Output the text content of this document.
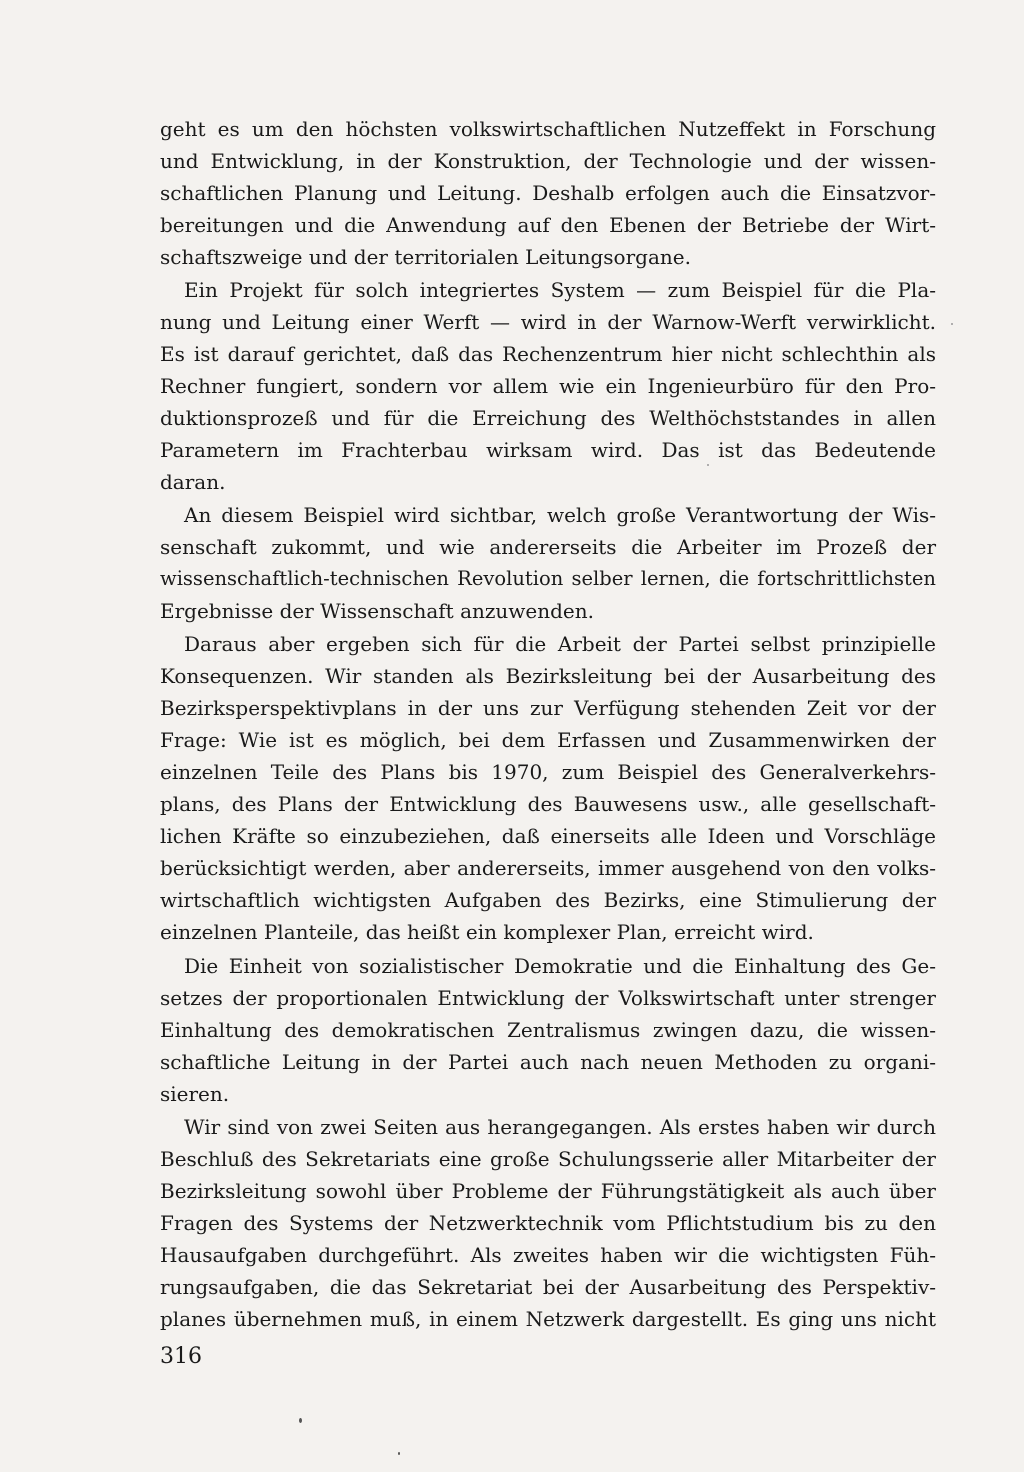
geht es um den höchsten volkswirtschaftlichen Nutzeffekt in Forschung
und Entwicklung, in der Konstruktion, der Technologie und der wissen-
schaftlichen Planung und Leitung. Deshalb erfolgen auch die Einsatzvor-
bereitungen und die Anwendung auf den Ebenen der Betriebe der Wirt-
schaftszweige und der territorialen Leitungsorgane.
Ein Projekt für solch integriertes System — zum Beispiel für die Pla-
nung und Leitung einer Werft — wird in der Warnow-Werft verwirklicht.
Es ist darauf gerichtet, daß das Rechenzentrum hier nicht schlechthin als
Rechner fungiert, sondern vor allem wie ein Ingenieurbüro für den Pro-
duktionsprozeß und für die Erreichung des Welthöchststandes in allen
Parametern im Frachterbau wirksam wird. Das ist das Bedeutende
daran.
An diesem Beispiel wird sichtbar, welch große Verantwortung der Wis-
senschaft zukommt, und wie andererseits die Arbeiter im Prozeß der
wissenschaftlich-technischen Revolution selber lernen, die fortschrittlichsten
Ergebnisse der Wissenschaft anzuwenden.
Daraus aber ergeben sich für die Arbeit der Partei selbst prinzipielle
Konsequenzen. Wir standen als Bezirksleitung bei der Ausarbeitung des
Bezirksperspektivplans in der uns zur Verfügung stehenden Zeit vor der
Frage: Wie ist es möglich, bei dem Erfassen und Zusammenwirken der
einzelnen Teile des Plans bis 1970, zum Beispiel des Generalverkehrs-
plans, des Plans der Entwicklung des Bauwesens usw., alle gesellschaft-
lichen Kräfte so einzubeziehen, daß einerseits alle Ideen und Vorschläge
berücksichtigt werden, aber andererseits, immer ausgehend von den volks-
wirtschaftlich wichtigsten Aufgaben des Bezirks, eine Stimulierung der
einzelnen Planteile, das heißt ein komplexer Plan, erreicht wird.
Die Einheit von sozialistischer Demokratie und die Einhaltung des Ge-
setzes der proportionalen Entwicklung der Volkswirtschaft unter strenger
Einhaltung des demokratischen Zentralismus zwingen dazu, die wissen-
schaftliche Leitung in der Partei auch nach neuen Methoden zu organi-
sieren.
Wir sind von zwei Seiten aus herangegangen. Als erstes haben wir durch
Beschluß des Sekretariats eine große Schulungsserie aller Mitarbeiter der
Bezirksleitung sowohl über Probleme der Führungstätigkeit als auch über
Fragen des Systems der Netzwerktechnik vom Pflichtstudium bis zu den
Hausaufgaben durchgeführt. Als zweites haben wir die wichtigsten Füh-
rungsaufgaben, die das Sekretariat bei der Ausarbeitung des Perspektiv-
planes übernehmen muß, in einem Netzwerk dargestellt. Es ging uns nicht
316
